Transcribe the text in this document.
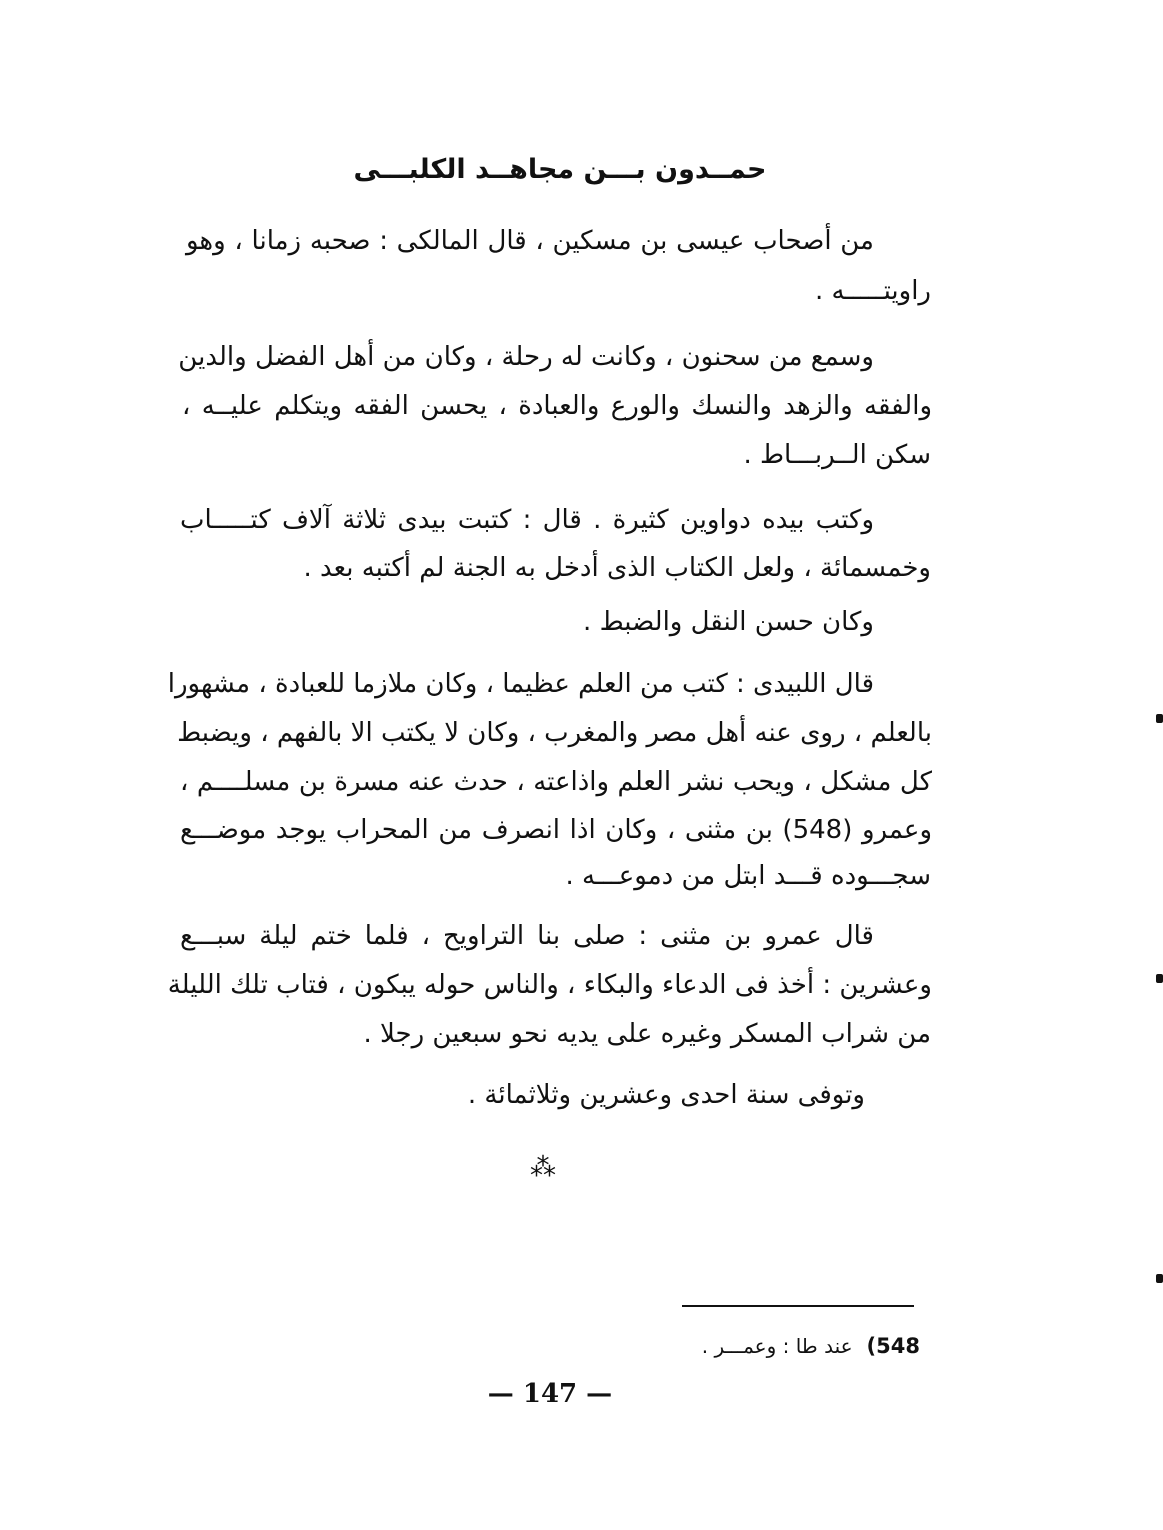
حمــدون بـــن مجاهــد الكلبـــى
من أصحاب عيسى بن مسكين ، قال المالكى : صحبه زمانا ، وهو
راويتـــــه .
وسمع من سحنون ، وكانت له رحلة ، وكان من أهل الفضل والدين
والفقه والزهد والنسك والورع والعبادة ، يحسن الفقه ويتكلم عليــه ،
سكن الــربـــاط .
وكتب بيده دواوين كثيرة . قال : كتبت بيدى ثلاثة آلاف كتـــــاب
وخمسمائة ، ولعل الكتاب الذى أدخل به الجنة لم أكتبه بعد .
وكان حسن النقل والضبط .
قال اللبيدى : كتب من العلم عظيما ، وكان ملازما للعبادة ، مشهورا
بالعلم ، روى عنه أهل مصر والمغرب ، وكان لا يكتب الا بالفهم ، ويضبط
كل مشكل ، ويحب نشر العلم واذاعته ، حدث عنه مسرة بن مسلــــم ،
وعمرو (548) بن مثنى ، وكان اذا انصرف من المحراب يوجد موضـــع
سجـــوده قـــد ابتل من دموعـــه .
قال عمرو بن مثنى : صلى بنا التراويح ، فلما ختم ليلة سبـــع
وعشرين : أخذ فى الدعاء والبكاء ، والناس حوله يبكون ، فتاب تلك الليلة
من شراب المسكر وغيره على يديه نحو سبعين رجلا .
وتوفى سنة احدى وعشرين وثلاثمائة .
⁂
548)عند طا : وعمـــر .
— 147 —
